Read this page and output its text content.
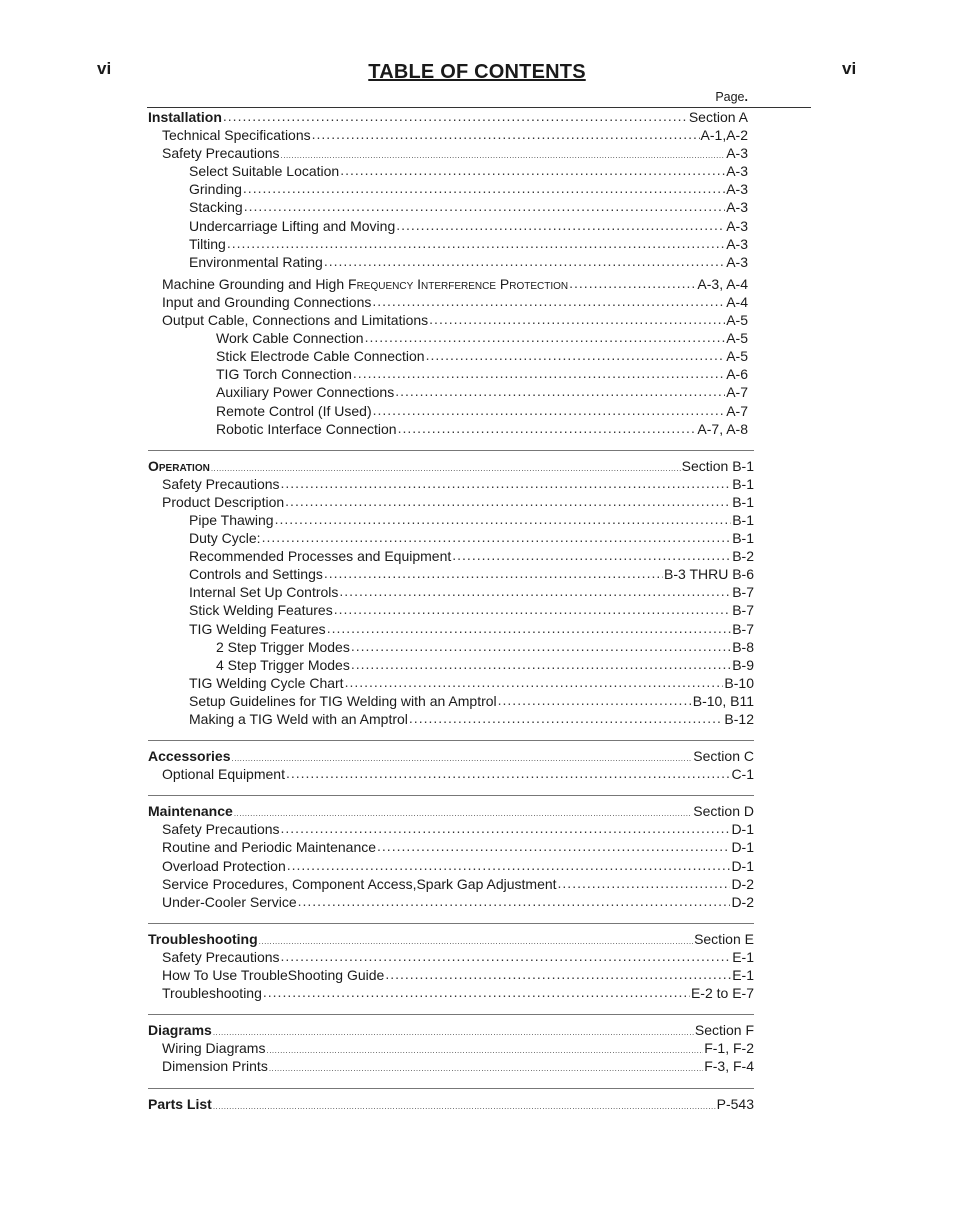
vi	vi
TABLE OF CONTENTS
Page .
Installation .....	Section A
Technical Specifications .....	A-1,A-2
Safety Precautions .....	A-3
Select Suitable Location .....	A-3
Grinding .....	A-3
Stacking .....	A-3
Undercarriage Lifting and Moving .....	A-3
Tilting .....	A-3
Environmental Rating .....	A-3
Machine Grounding and High Frequency Interference Protection .....	A-3, A-4
Input and Grounding Connections .....	A-4
Output Cable, Connections and Limitations .....	A-5
Work Cable Connection .....	A-5
Stick Electrode Cable Connection .....	A-5
TIG Torch Connection .....	A-6
Auxiliary Power Connections .....	A-7
Remote Control (If Used) .....	A-7
Robotic Interface Connection .....	A-7, A-8
Operation .....	Section B-1
Safety Precautions .....	B-1
Product Description .....	B-1
Pipe Thawing .....	B-1
Duty Cycle: .....	B-1
Recommended Processes and Equipment .....	B-2
Controls and Settings .....	B-3 THRU B-6
Internal Set Up Controls .....	B-7
Stick Welding Features .....	B-7
TIG Welding Features .....	B-7
2 Step Trigger Modes .....	B-8
4 Step Trigger Modes .....	B-9
TIG Welding Cycle Chart .....	B-10
Setup Guidelines for TIG Welding with an Amptrol .....	B-10, B11
Making a TIG Weld with an Amptrol .....	B-12
Accessories .....	Section C
Optional Equipment .....	C-1
Maintenance .....	Section D
Safety Precautions .....	D-1
Routine and Periodic Maintenance .....	D-1
Overload Protection .....	D-1
Service Procedures, Component Access,Spark Gap Adjustment .....	D-2
Under-Cooler Service .....	D-2
Troubleshooting .....	Section E
Safety Precautions .....	E-1
How To Use TroubleShooting Guide .....	E-1
Troubleshooting .....	E-2 to E-7
Diagrams .....	Section F
Wiring Diagrams .....	F-1, F-2
Dimension Prints .....	F-3, F-4
Parts List .....	P-543
